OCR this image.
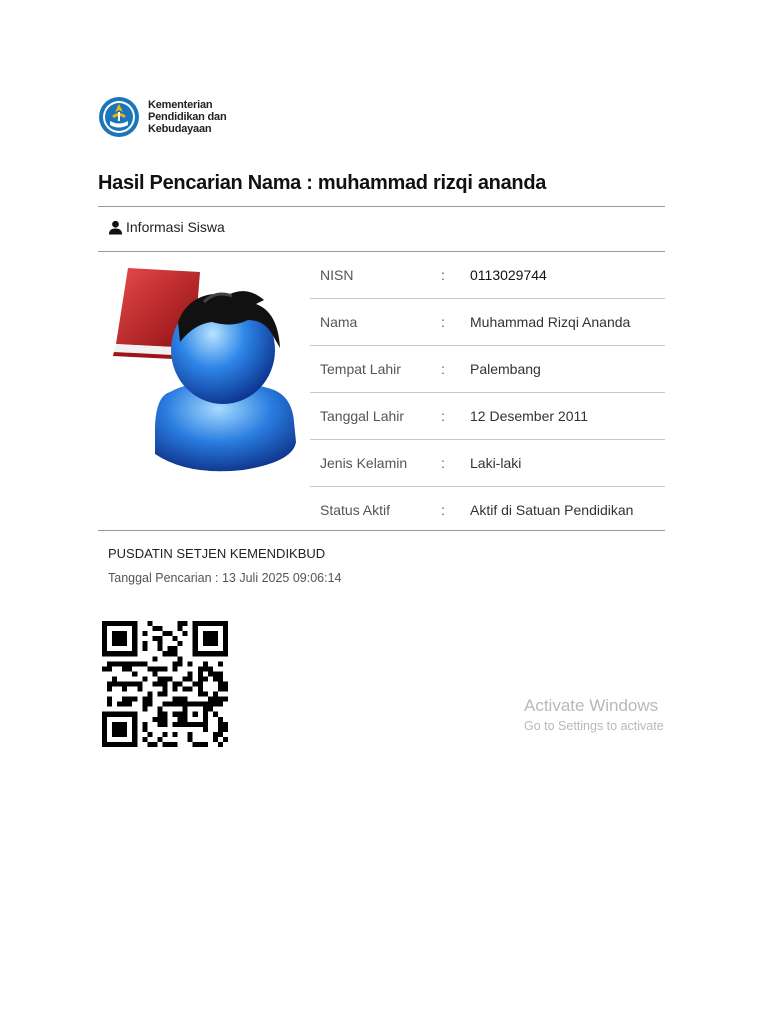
Kementerian
Pendidikan dan
Kebudayaan
Hasil Pencarian Nama : muhammad rizqi ananda
Informasi Siswa
NISN	: 0113029744
Nama	: Muhammad Rizqi Ananda
Tempat Lahir	: Palembang
Tanggal Lahir	: 12 Desember 2011
Jenis Kelamin : Laki-laki
Status Aktif	: Aktif di Satuan Pendidikan
PUSDATIN SETJEN KEMENDIKBUD
Tanggal Pencarian : 13 Juli 2025 09:06:14
Activate Windows
Go to Settings to activate
